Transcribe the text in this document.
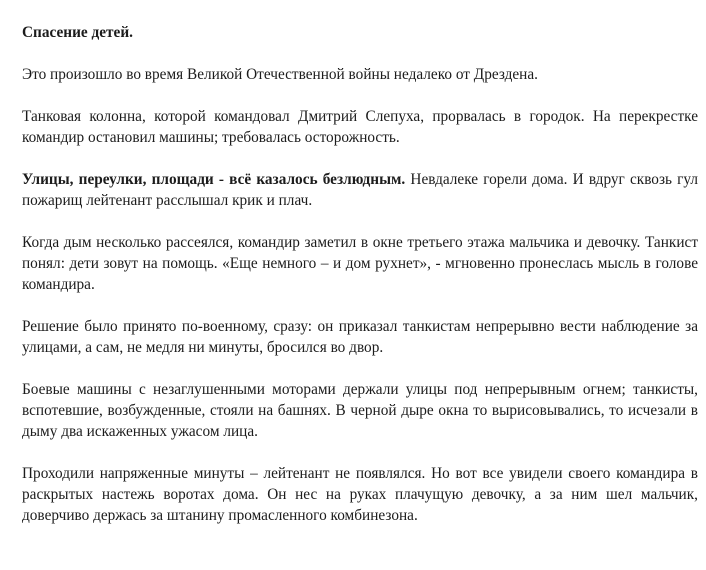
Спасение детей.

Это произошло во время Великой Отечественной войны недалеко от Дрездена.

Танковая колонна, которой командовал Дмитрий Слепуха, прорвалась в городок. На перекрестке командир остановил машины; требовалась осторожность.

Улицы, переулки, площади - всё казалось безлюдным. Невдалеке горели дома. И вдруг сквозь гул пожарищ лейтенант расслышал крик и плач.

Когда дым несколько рассеялся, командир заметил в окне третьего этажа мальчика и девочку. Танкист понял: дети зовут на помощь. «Еще немного – и дом рухнет», - мгновенно пронеслась мысль в голове командира.

Решение было принято по-военному, сразу: он приказал танкистам непрерывно вести наблюдение за улицами, а сам, не медля ни минуты, бросился во двор.

Боевые машины с незаглушенными моторами держали улицы под непрерывным огнем; танкисты, вспотевшие, возбужденные, стояли на башнях. В черной дыре окна то вырисовывались, то исчезали в дыму два искаженных ужасом лица.

Проходили напряженные минуты – лейтенант не появлялся. Но вот все увидели своего командира в раскрытых настежь воротах дома. Он нес на руках плачущую девочку, а за ним шел мальчик, доверчиво держась за штанину промасленного комбинезона.
